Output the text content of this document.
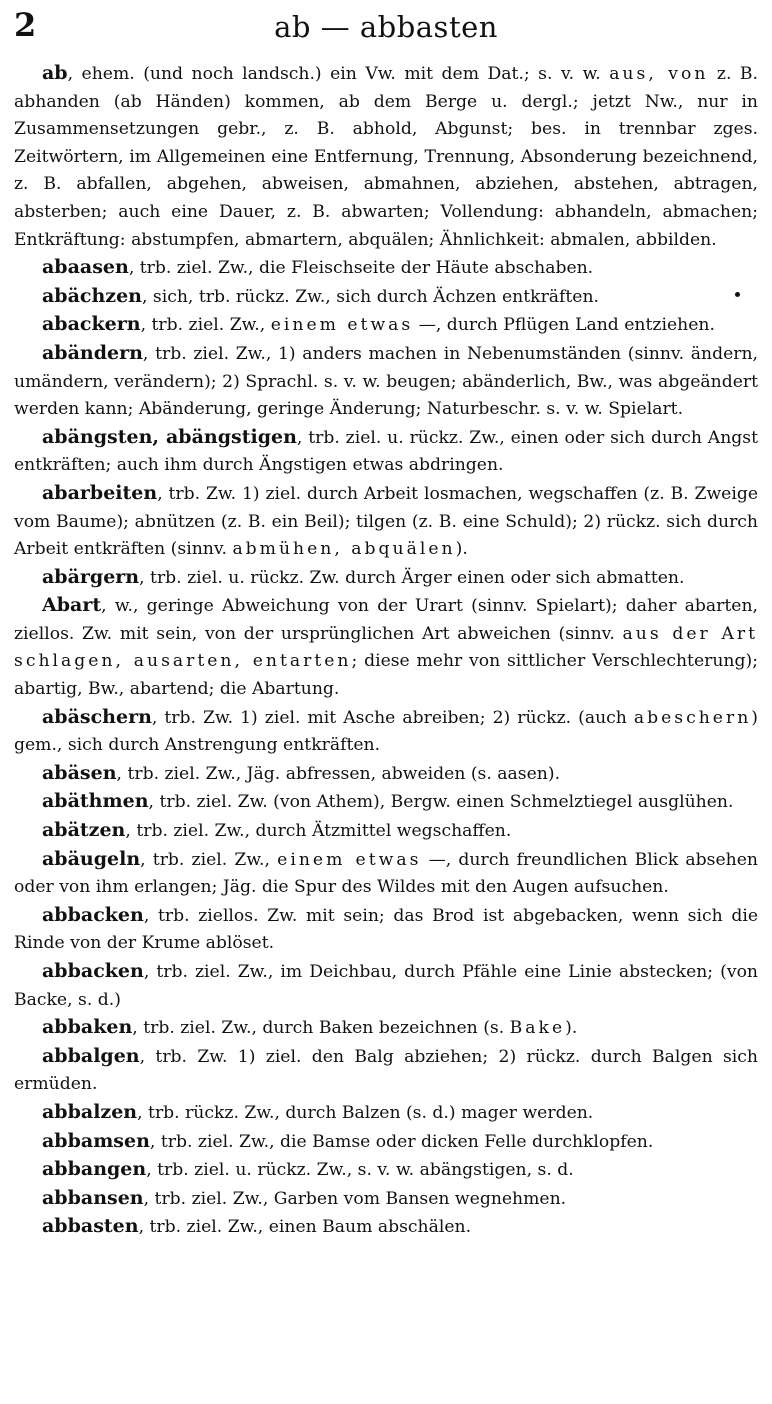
2	ab — abbasten

ab, ehem. (und noch landsch.) ein Vw. mit dem Dat.; s. v. w. aus, von z. B. abhanden (ab Händen) kommen, ab dem Berge u. dergl.; jetzt Nw., nur in Zusammensetzungen gebr., z. B. abhold, Abgunst; bes. in trennbar zges. Zeitwörtern, im Allgemeinen eine Entfernung, Trennung, Absonderung bezeichnend, z. B. abfallen, abgehen, abweisen, abmahnen, abziehen, abstehen, abtragen, absterben; auch eine Dauer, z. B. abwarten; Vollendung: abhandeln, abmachen; Entkräftung: abstumpfen, abmartern, abquälen; Ähnlichkeit: abmalen, abbilden.

abaasen, trb. ziel. Zw., die Fleischseite der Häute abschaben.

abächzen, sich, trb. rückz. Zw., sich durch Ächzen entkräften.

abackern, trb. ziel. Zw., einem etwas —, durch Pflügen Land entziehen.

abändern, trb. ziel. Zw., 1) anders machen in Nebenumständen (sinnv. ändern, umändern, verändern); 2) Sprachl. s. v. w. beugen; abänderlich, Bw., was abgeändert werden kann; Abänderung, geringe Änderung; Naturbeschr. s. v. w. Spielart.

abängsten, abängstigen, trb. ziel. u. rückz. Zw., einen oder sich durch Angst entkräften; auch ihm durch Ängstigen etwas abdringen.

abarbeiten, trb. Zw. 1) ziel. durch Arbeit losmachen, wegschaffen (z. B. Zweige vom Baume); abnützen (z. B. ein Beil); tilgen (z. B. eine Schuld); 2) rückz. sich durch Arbeit entkräften (sinnv. abmühen, abquälen).

abärgern, trb. ziel. u. rückz. Zw. durch Ärger einen oder sich abmatten.

Abart, w., geringe Abweichung von der Urart (sinnv. Spielart); daher abarten, ziellos. Zw. mit sein, von der ursprünglichen Art abweichen (sinnv. aus der Art schlagen, ausarten, entarten; diese mehr von sittlicher Verschlechterung); abartig, Bw., abartend; die Abartung.

abäschern, trb. Zw. 1) ziel. mit Asche abreiben; 2) rückz. (auch abeschern) gem., sich durch Anstrengung entkräften.

abäsen, trb. ziel. Zw., Jäg. abfressen, abweiden (s. aasen).

abäthmen, trb. ziel. Zw. (von Athem), Bergw. einen Schmelztiegel ausglühen.

abätzen, trb. ziel. Zw., durch Ätzmittel wegschaffen.

abäugeln, trb. ziel. Zw., einem etwas —, durch freundlichen Blick absehen oder von ihm erlangen; Jäg. die Spur des Wildes mit den Augen aufsuchen.

abbacken, trb. ziellos. Zw. mit sein; das Brod ist abgebacken, wenn sich die Rinde von der Krume ablöset.

abbacken, trb. ziel. Zw., im Deichbau, durch Pfähle eine Linie abstecken; (von Backe, s. d.)

abbaken, trb. ziel. Zw., durch Baken bezeichnen (s. Bake).

abbalgen, trb. Zw. 1) ziel. den Balg abziehen; 2) rückz. durch Balgen sich ermüden.

abbalzen, trb. rückz. Zw., durch Balzen (s. d.) mager werden.

abbamsen, trb. ziel. Zw., die Bamse oder dicken Felle durchklopfen.

abbangen, trb. ziel. u. rückz. Zw., s. v. w. abängstigen, s. d.

abbansen, trb. ziel. Zw., Garben vom Bansen wegnehmen.

abbasten, trb. ziel. Zw., einen Baum abschälen.
